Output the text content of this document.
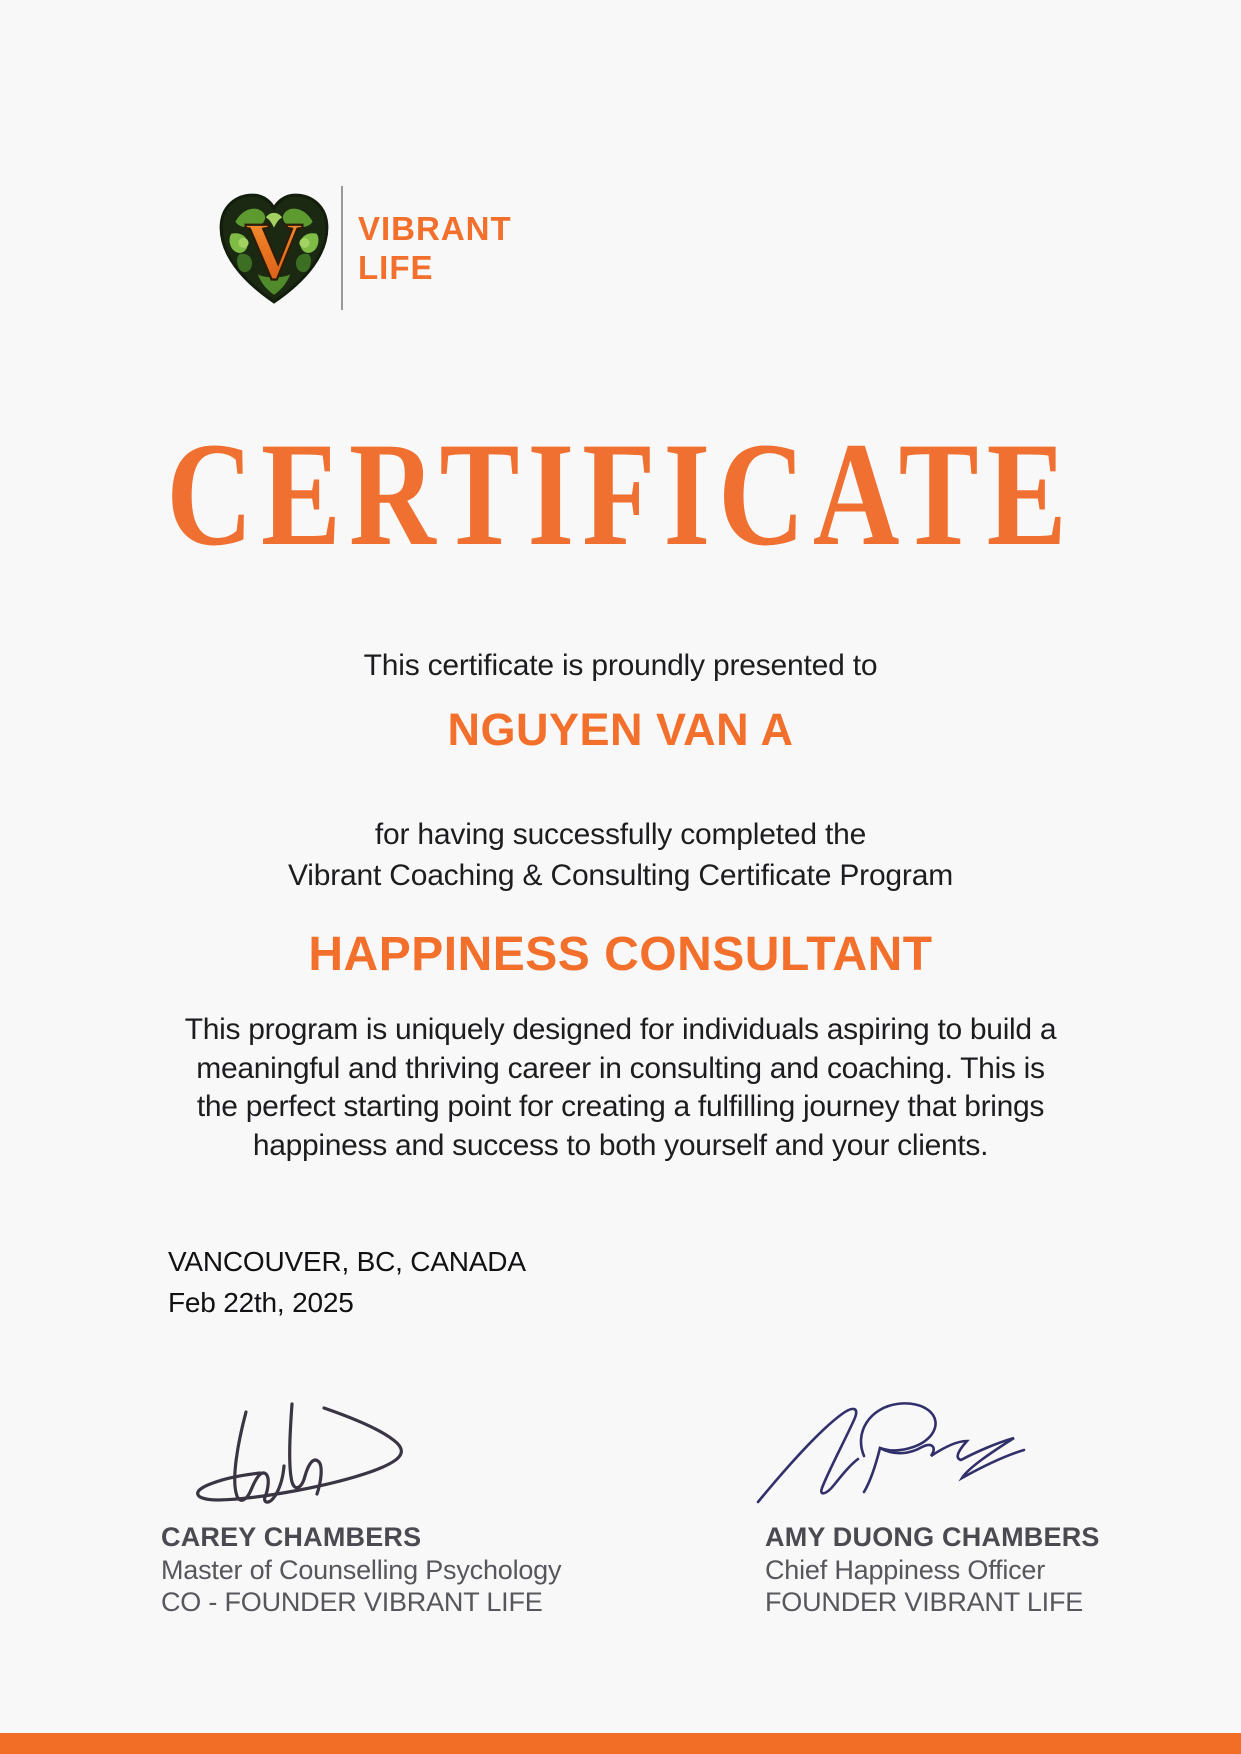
V VIBRANT
LIFE
CERTIFICATE

This certificate is proundly presented to

NGUYEN VAN A

for having successfully completed the
Vibrant Coaching & Consulting Certificate Program

HAPPINESS CONSULTANT
This program is uniquely designed for individuals aspiring to build a
meaningful and thriving career in consulting and coaching. This is
the perfect starting point for creating a fulfilling journey that brings
happiness and success to both yourself and your clients.
VANCOUVER, BC, CANADA
Feb 22th, 2025
CAREY CHAMBERS
Master of Counselling Psychology
CO - FOUNDER VIBRANT LIFE
AMY DUONG CHAMBERS
Chief Happiness Officer
FOUNDER VIBRANT LIFE
